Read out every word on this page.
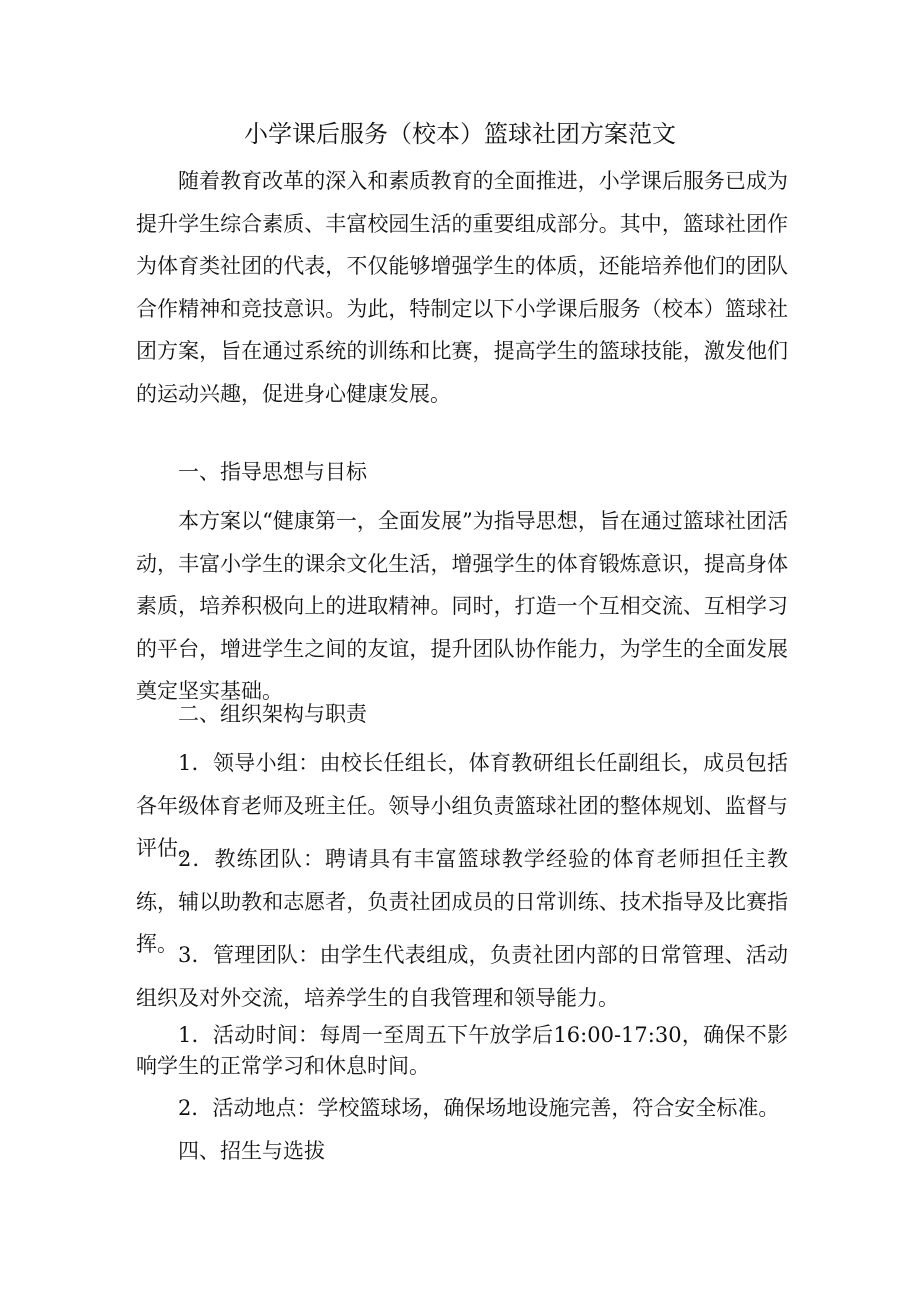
小学课后服务（校本）篮球社团方案范文

随着教育改革的深入和素质教育的全面推进，小学课后服务已成为提升学生综合素质、丰富校园生活的重要组成部分。其中，篮球社团作为体育类社团的代表，不仅能够增强学生的体质，还能培养他们的团队合作精神和竞技意识。为此，特制定以下小学课后服务（校本）篮球社团方案，旨在通过系统的训练和比赛，提高学生的篮球技能，激发他们的运动兴趣，促进身心健康发展。

一、指导思想与目标

本方案以“健康第一，全面发展”为指导思想，旨在通过篮球社团活动，丰富小学生的课余文化生活，增强学生的体育锻炼意识，提高身体素质，培养积极向上的进取精神。同时，打造一个互相交流、互相学习的平台，增进学生之间的友谊，提升团队协作能力，为学生的全面发展奠定坚实基础。

二、组织架构与职责

1．领导小组：由校长任组长，体育教研组长任副组长，成员包括各年级体育老师及班主任。领导小组负责篮球社团的整体规划、监督与评估。

2．教练团队：聘请具有丰富篮球教学经验的体育老师担任主教练，辅以助教和志愿者，负责社团成员的日常训练、技术指导及比赛指挥。 3．管理团队：由学生代表组成，负责社团内部的日常管理、活动组织及对外交流，培养学生的自我管理和领导能力。

1．活动时间：每周一至周五下午放学后16:00-17:30，确保不影响学生的正常学习和休息时间。

2．活动地点：学校篮球场，确保场地设施完善，符合安全标准。

四、招生与选拔
